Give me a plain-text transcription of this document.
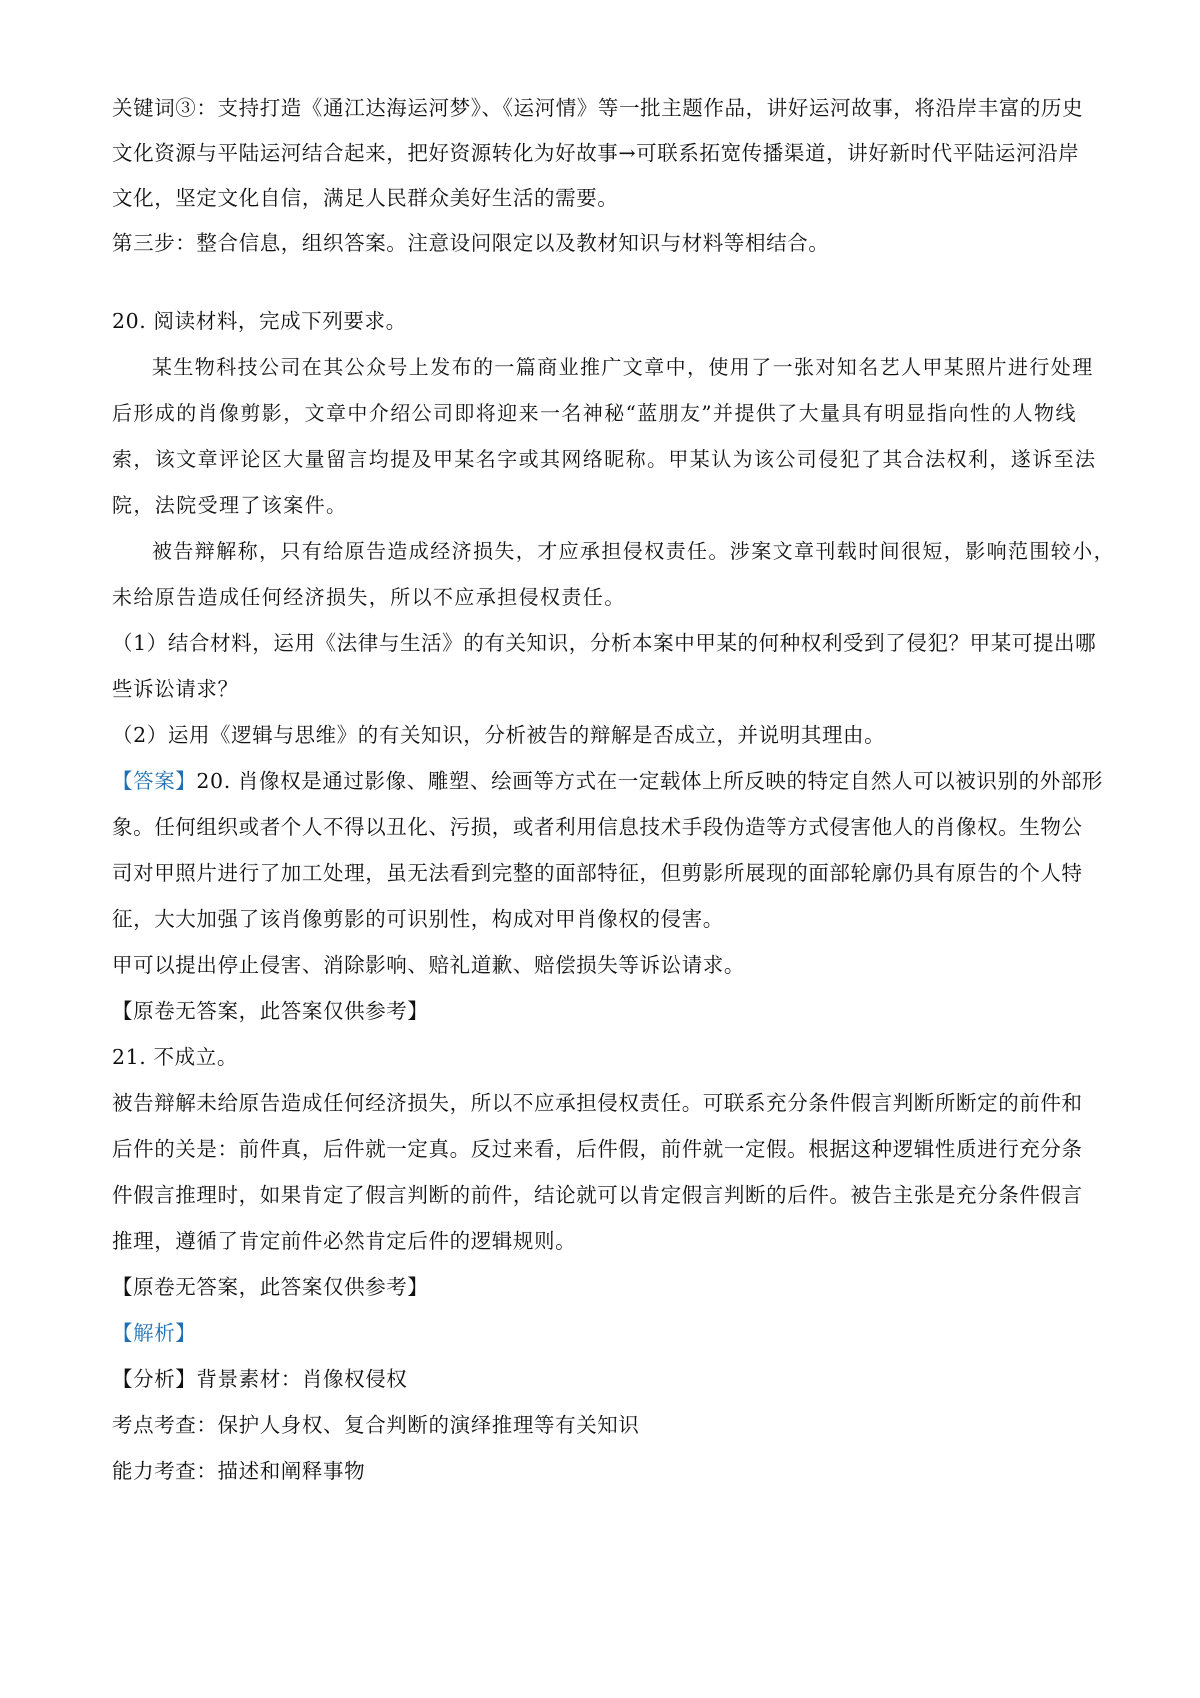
关键词③：支持打造《通江达海运河梦》、《运河情》等一批主题作品，讲好运河故事，将沿岸丰富的历史
文化资源与平陆运河结合起来，把好资源转化为好故事→可联系拓宽传播渠道，讲好新时代平陆运河沿岸
文化，坚定文化自信，满足人民群众美好生活的需要。
第三步：整合信息，组织答案。注意设问限定以及教材知识与材料等相结合。
20. 阅读材料，完成下列要求。
某生物科技公司在其公众号上发布的一篇商业推广文章中，使用了一张对知名艺人甲某照片进行处理
后形成的肖像剪影，文章中介绍公司即将迎来一名神秘“蓝朋友”并提供了大量具有明显指向性的人物线
索，该文章评论区大量留言均提及甲某名字或其网络昵称。甲某认为该公司侵犯了其合法权利，遂诉至法
院，法院受理了该案件。
被告辩解称，只有给原告造成经济损失，才应承担侵权责任。涉案文章刊载时间很短，影响范围较小，
未给原告造成任何经济损失，所以不应承担侵权责任。
（1）结合材料，运用《法律与生活》的有关知识，分析本案中甲某的何种权利受到了侵犯？甲某可提出哪
些诉讼请求？
（2）运用《逻辑与思维》的有关知识，分析被告的辩解是否成立，并说明其理由。
【答案】20. 肖像权是通过影像、雕塑、绘画等方式在一定载体上所反映的特定自然人可以被识别的外部形
象。任何组织或者个人不得以丑化、污损，或者利用信息技术手段伪造等方式侵害他人的肖像权。生物公
司对甲照片进行了加工处理，虽无法看到完整的面部特征，但剪影所展现的面部轮廓仍具有原告的个人特
征，大大加强了该肖像剪影的可识别性，构成对甲肖像权的侵害。
甲可以提出停止侵害、消除影响、赔礼道歉、赔偿损失等诉讼请求。
【原卷无答案，此答案仅供参考】
21. 不成立。
被告辩解未给原告造成任何经济损失，所以不应承担侵权责任。可联系充分条件假言判断所断定的前件和
后件的关是：前件真，后件就一定真。反过来看，后件假，前件就一定假。根据这种逻辑性质进行充分条
件假言推理时，如果肯定了假言判断的前件，结论就可以肯定假言判断的后件。被告主张是充分条件假言
推理，遵循了肯定前件必然肯定后件的逻辑规则。
【原卷无答案，此答案仅供参考】
【解析】
【分析】背景素材：肖像权侵权
考点考查：保护人身权、复合判断的演绎推理等有关知识
能力考查：描述和阐释事物
